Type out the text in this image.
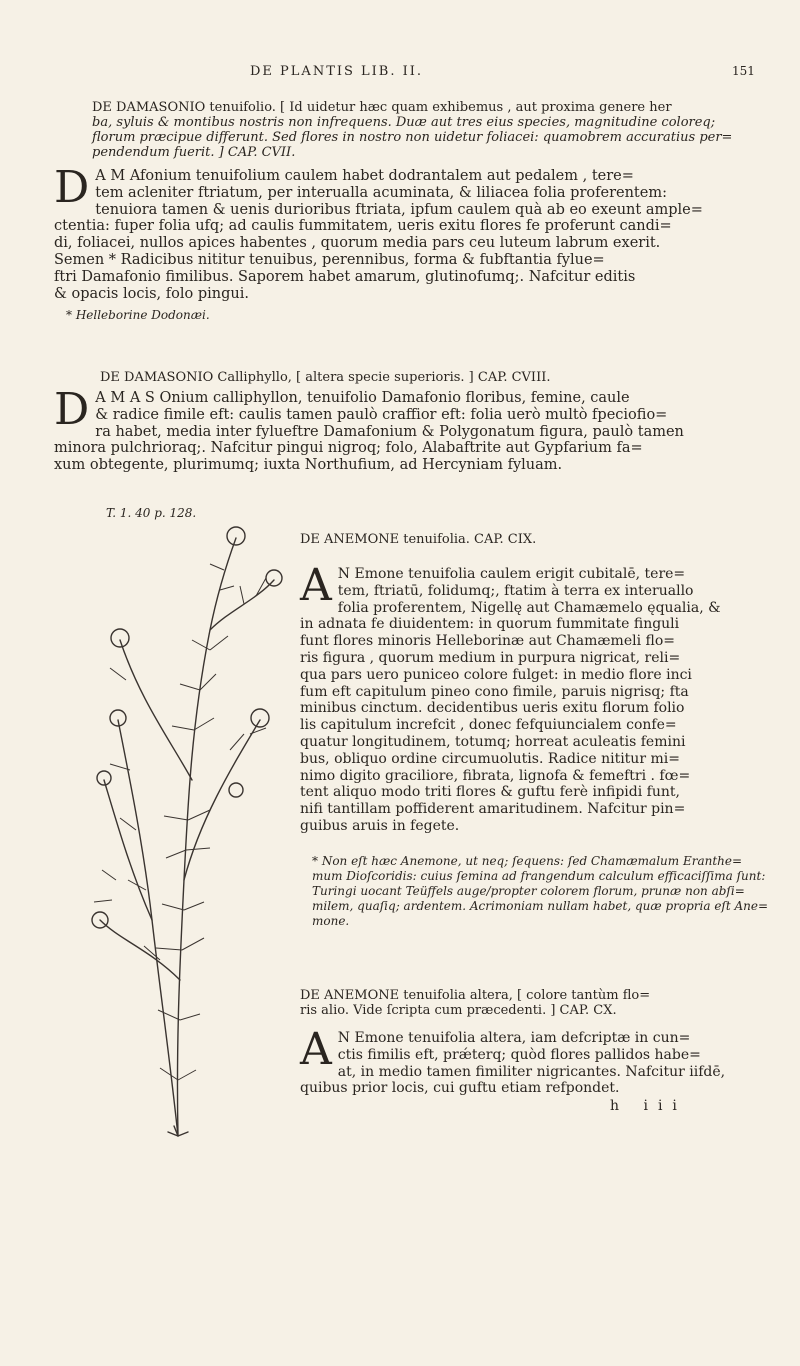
DE PLANTIS LIB. II.	151
DE DAMASONIO tenuifolio. [ Id uidetur hæc quam exhibemus , aut proxima genere her
ba, syluis & montibus nostris non infrequens. Duæ aut tres eius species, magnitudine coloreq;
florum præcipue differunt. Sed flores in nostro non uidetur foliacei: quamobrem accuratius per=
pendendum fuerit. ] CAP. CVII.
D A M Afonium tenuifolium caulem habet dodrantalem aut pedalem , tere=
tem acleniter ftriatum, per interualla acuminata, & liliacea folia proferentem:
tenuiora tamen & uenis durioribus ftriata, ipfum caulem quà ab eo exeunt ample=
ctentia: fuper folia ufq; ad caulis fummitatem, ueris exitu flores fe proferunt candi=
di, foliacei, nullos apices habentes , quorum media pars ceu luteum labrum exerit.
Semen * Radicibus nititur tenuibus, perennibus, forma & fubftantia fylue=
ftri Damafonio fimilibus. Saporem habet amarum, glutinofumq;. Nafcitur editis
& opacis locis, folo pingui.
* Helleborine Dodonæi.
DE DAMASONIO Calliphyllo, [ altera specie superioris. ] CAP. CVIII.
D A M A S Onium calliphyllon, tenuifolio Damafonio floribus, femine, caule
& radice fimile eft: caulis tamen paulò craffior eft: folia uerò multò fpeciofio=
ra habet, media inter fylueftre Damafonium & Polygonatum figura, paulò tamen
minora pulchrioraq;. Nafcitur pingui nigroq; folo, Alabaftrite aut Gypfarium fa=
xum obtegente, plurimumq; iuxta Northufium, ad Hercyniam fyluam.
T. 1. 40 p. 128.
DE ANEMONE tenuifolia. CAP. CIX.
A N Emone tenuifolia caulem erigit cubitalē, tere=
tem, ftriatū, folidumq;, ftatim à terra ex interuallo
folia proferentem, Nigellę aut Chamæmelo ęqualia, &
in adnata fe diuidentem: in quorum fummitate finguli
funt flores minoris Helleborinæ aut Chamæmeli flo=
ris figura , quorum medium in purpura nigricat, reli=
qua pars uero puniceo colore fulget: in medio flore inci
fum eft capitulum pineo cono fimile, paruis nigrisq; fta
minibus cinctum. decidentibus ueris exitu florum folio
lis capitulum increfcit , donec fefquiuncialem confe=
quatur longitudinem, totumq; horreat aculeatis femini
bus, obliquo ordine circumuolutis. Radice nititur mi=
nimo digito graciliore, fibrata, lignofa & femeftri . fœ=
tent aliquo modo triti flores & guftu ferè infipidi funt,
nifi tantillam poffiderent amaritudinem. Nafcitur pin=
guibus aruis in fegete.
* Non eſt hæc Anemone, ut neq; ſequens: ſed Chamæmalum Eranthe=
mum Dioſcoridis: cuius ſemina ad frangendum calculum efficaciſſima ſunt:
Turingi uocant Teüffels auge/propter colorem florum, prunæ non abſi=
milem, quaſiq; ardentem. Acrimoniam nullam habet, quæ propria eſt Ane=
mone.
DE ANEMONE tenuifolia altera, [ colore tantùm flo=
ris alio. Vide ſcripta cum præcedenti. ] CAP. CX.
A N Emone tenuifolia altera, iam defcriptæ in cun=
ctis fimilis eft, prǽterq; quòd flores pallidos habe=
at, in medio tamen fimiliter nigricantes. Nafcitur iifdē,
quibus prior locis, cui guftu etiam refpondet.
h iii
